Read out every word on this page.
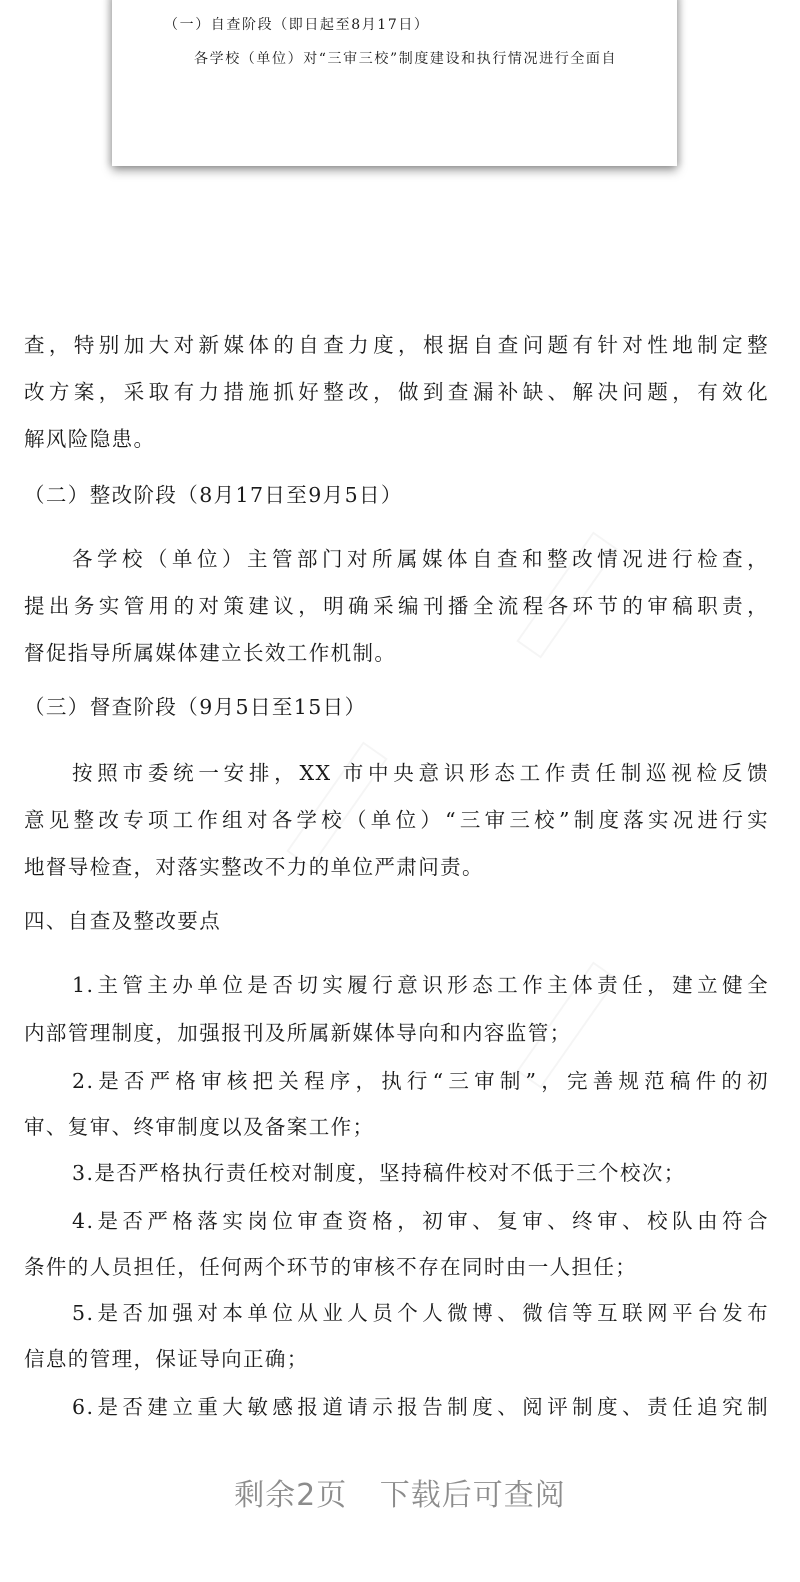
（一）自查阶段（即日起至8月17日）
各学校（单位）对“三审三校”制度建设和执行情况进行全面自
查，特别加大对新媒体的自查力度，根据自查问题有针对性地制定整
改方案，采取有力措施抓好整改，做到查漏补缺、解决问题，有效化
解风险隐患。
（二）整改阶段（8月17日至9月5日）
各学校（单位）主管部门对所属媒体自查和整改情况进行检查，
提出务实管用的对策建议，明确采编刊播全流程各环节的审稿职责，
督促指导所属媒体建立长效工作机制。
（三）督查阶段（9月5日至15日）
按照市委统一安排，XX 市中央意识形态工作责任制巡视检反馈
意见整改专项工作组对各学校（单位）“三审三校”制度落实况进行实
地督导检查，对落实整改不力的单位严肃问责。
四、自查及整改要点
1.主管主办单位是否切实履行意识形态工作主体责任，建立健全
内部管理制度，加强报刊及所属新媒体导向和内容监管；
2.是否严格审核把关程序，执行“三审制”，完善规范稿件的初
审、复审、终审制度以及备案工作；
3.是否严格执行责任校对制度，坚持稿件校对不低于三个校次；
4.是否严格落实岗位审查资格，初审、复审、终审、校队由符合
条件的人员担任，任何两个环节的审核不存在同时由一人担任；
5.是否加强对本单位从业人员个人微博、微信等互联网平台发布
信息的管理，保证导向正确；
6.是否建立重大敏感报道请示报告制度、阅评制度、责任追究制
剩余2页 下载后可查阅
